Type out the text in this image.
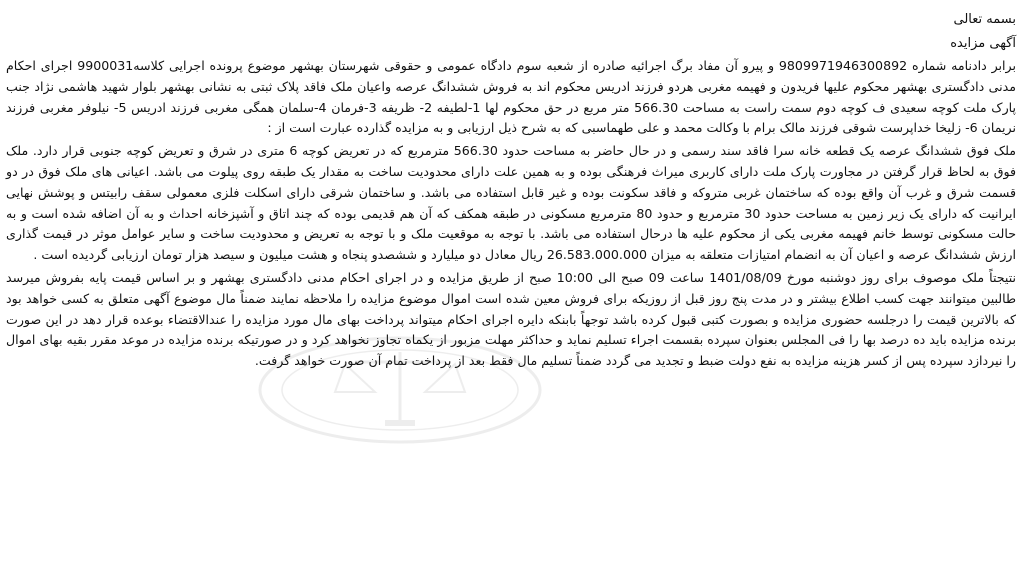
بسمه تعالی

آگهی مزایده

برابر دادنامه شماره 9809971946300892 و پیرو آن مفاد برگ اجرائیه صادره از شعبه سوم دادگاه عمومی و حقوقی شهرستان بهشهر موضوع پرونده اجرایی کلاسه9900031 اجرای احکام مدنی دادگستری بهشهر محکوم علیها فریدون و فهیمه مغربی هردو فرزند ادریس محکوم اند به فروش ششدانگ عرصه واعیان ملک فاقد پلاک ثبتی به نشانی بهشهر بلوار شهید هاشمی نژاد جنب پارک ملت کوچه سعیدی ف کوچه دوم سمت راست به مساحت 566.30 متر مربع در حق محکوم لها 1-لطیفه 2- ظریفه 3-فرمان 4-سلمان همگی مغربی فرزند ادریس 5- نیلوفر مغربی فرزند نریمان 6- زلیخا خداپرست شوقی فرزند مالک برام با وکالت محمد و علی طهماسبی که به شرح ذیل ارزیابی و به مزایده گذارده عبارت است از :

ملک فوق ششدانگ عرصه یک قطعه خانه سرا فاقد سند رسمی و در حال حاضر به مساحت حدود 566.30 مترمربع که در تعریض کوچه 6 متری در شرق و تعریض کوچه جنوبی قرار دارد. ملک فوق به لحاظ قرار گرفتن در مجاورت پارک ملت دارای کاربری میراث فرهنگی بوده و به همین علت دارای محدودیت ساخت به مقدار یک طبقه روی پیلوت می باشد. اعیانی های ملک فوق در دو قسمت شرق و غرب آن واقع بوده که ساختمان غربی متروکه و فاقد سکونت بوده و غیر قابل استفاده می باشد. و ساختمان شرقی دارای اسکلت فلزی معمولی سقف رابیتس و پوشش نهایی ایرانیت که دارای یک زیر زمین به مساحت حدود 30 مترمربع و حدود 80 مترمربع مسکونی در طبقه همکف که آن هم قدیمی بوده که چند اتاق و آشپزخانه احداث و به آن اضافه شده است و به حالت مسکونی توسط خانم فهیمه مغربی یکی از محکوم علیه ها درحال استفاده می باشد. با توجه به موقعیت ملک و با توجه به تعریض و محدودیت ساخت و سایر عوامل موثر در قیمت گذاری ارزش ششدانگ عرصه و اعیان آن به انضمام امتیازات متعلقه به میزان 26.583.000.000 ریال معادل دو میلیارد و ششصدو پنجاه و هشت میلیون و سیصد هزار تومان ارزیابی گردیده است .

نتیجتاً ملک موصوف برای روز دوشنبه مورخ 1401/08/09 ساعت 09 صبح الی 10:00 صبح از طریق مزایده و در اجرای احکام مدنی دادگستری بهشهر و بر اساس قیمت پایه بفروش میرسد طالبین میتوانند جهت کسب اطلاع بیشتر و در مدت پنج روز قبل از روزیکه برای فروش معین شده است اموال موضوع مزایده را ملاحظه نمایند ضمناً مال موضوع آگهی متعلق به کسی خواهد بود که بالاترین قیمت را درجلسه حضوری مزایده و بصورت کتبی قبول کرده باشد توجهاً بابنکه دایره اجرای احکام میتواند پرداخت بهای مال مورد مزایده را عندالاقتضاء بوعده قرار دهد در این صورت برنده مزایده باید ده درصد بها را فی المجلس بعنوان سپرده بقسمت اجراء تسلیم نماید و حداکثر مهلت مزبور از یکماه تجاوز نخواهد کرد و در صورتیکه برنده مزایده در موعد مقرر بقیه بهای اموال را نیردازد سپرده پس از کسر هزینه مزایده به نفع دولت ضبط و تجدید می گردد ضمناً تسلیم مال فقط بعد از پرداخت تمام آن صورت خواهد گرفت.
